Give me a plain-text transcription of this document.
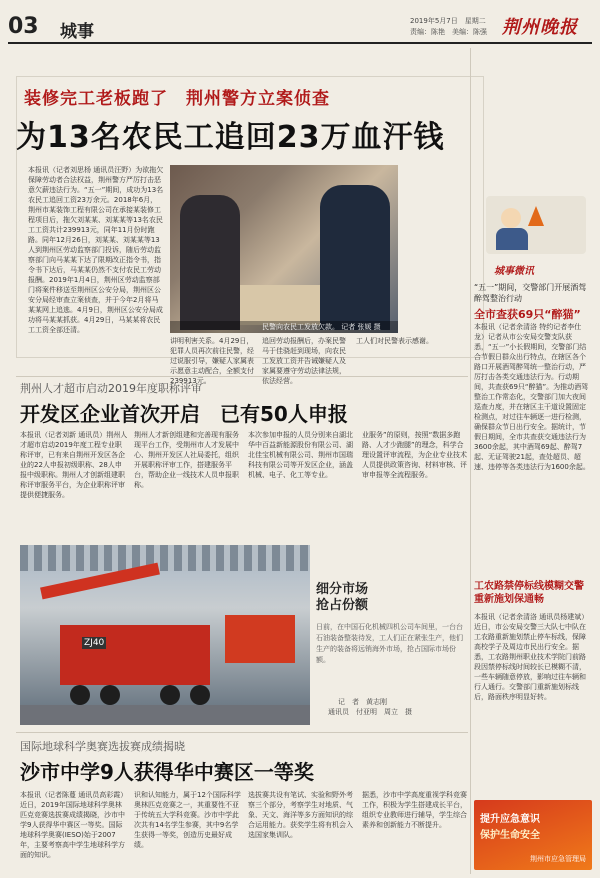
03 城事
2019年5月7日　星期二
责编：陈艳　美编：陈强 荆州晚报
装修完工老板跑了　荆州警方立案侦查
为13名农民工追回23万血汗钱
本报讯（记者刘思杨 通讯员汪野）为欲拖欠保障劳动者合法权益，荆州警方严厉打击恶意欠薪违法行为。“五一”期间，成功为13名农民工追回工资23万余元。2018年6月，荆州市某装饰工程有限公司在承接某装修工程项目后，拖欠刘某某、刘某某等13名农民工工资共计239913元，同年11月份时跑路。同年12月26日，刘某某、刘某某等13人到荆州区劳动监察部门投诉，随后劳动监察部门向马某某下达了限期改正指令书，指令书下达后，马某某仍然不支付农民工劳动报酬。2019年1月4日，荆州区劳动监察部门将案件移送至荆州区公安分局，荆州区公安分局经审查立案侦查，并于今年2月将马某某网上追逃。4月9日，荆州区公安分局成功将马某某抓获。4月29日，马某某将农民工工资全部还清。	民警向农民工发放欠款。 记者 张媛 摄
讲明利害关系。4月29日，犯罪人员再次前往民警，经过说服引导，嫌疑人家属表示愿意主动配合，全额支付239913元。
追回劳动报酬后，办案民警马于佳骁赶到现场，向农民工发放工资并告诫嫌疑人及家属要遵守劳动法律法规，依法经营。
工人们对民警表示感谢。
城事微讯
“五一”期间，交警部门开展酒驾醉驾整治行动
全市查获69只“醉猫”
本报讯（记者余清洛 特约记者李仕龙）记者从市公安局交警支队获悉，“五一”小长假期间，交警部门结合节假日群众出行特点，在辖区各个路口开展酒驾醉驾统一整治行动，严厉打击各类交通违法行为。行动期间，共查获69只“醉猫”。为推动酒驾整治工作常态化，交警部门加大夜间巡查力度，并在辖区主干道设置固定检测点，对过往车辆逐一进行检测，确保群众节日出行安全。据统计，节假日期间，全市共查获交通违法行为3600余起，其中酒驾69起、醉驾7起、无证驾驶21起，查处超员、超速、违停等各类违法行为1600余起。
工农路禁停标线模糊交警重新施划保通畅
本报讯（记者余清洛 通讯员杨建斌）近日，市公安局交警三大队七中队在工农路重新施划禁止停车标线，保障高校学子及周边市民出行安全。据悉，工农路荆州职业技术学院门前路段因禁停标线时间较长已模糊不清，一些车辆随意停放，影响过往车辆和行人通行。交警部门重新施划标线后，路面秩序明显好转。
提升应急意识
保护生命安全
荆州市应急管理局
荆州人才超市启动2019年度职称评审
开发区企业首次开启　已有50人申报
本报讯（记者刘新 通讯员）荆州人才超市启动2019年度工程专业职称评审，已有来自荆州开发区各企业的22人申报初级职称、28人申报中级职称。荆州人才创新组建职称评审服务平台，为企业职称评审提供便捷服务。
荆州人才新创组建和完善现有服务现平台工作，受荆州市人才发展中心、荆州开发区人社局委托，组织开展职称评审工作，搭建服务平台，帮助企业一线技术人员申报职称。
本次参加申报的人员分别来自湖北华中百益新能源股份有限公司、湖北佳宝机械有限公司、荆州市国瑞科技有限公司等开发区企业，涵盖机械、电子、化工等专业。
业服务”的原则，按照“数据多跑路、人才少跑腿”的理念，科学合理设置评审流程，为企业专业技术人员提供政策咨询、材料审核、评审申报等全流程服务。
ZJ40
细分市场
抢占份额
日前，在中国石化机械四机公司车间里，一台台石油装备整装待发，工人们正在紧张生产，他们生产的装备将远销海外市场，抢占国际市场份额。
记　者　黄志刚
通讯员　付亚明　周立　摄
国际地球科学奥赛选拔赛成绩揭晓
沙市中学9人获得华中赛区一等奖
本报讯（记者陈蔓 通讯员高彩霞）近日，2019年国际地球科学奥林匹克竞赛选拔赛成绩揭晓，沙市中学9人获得华中赛区一等奖。国际地球科学奥赛(IESO)始于2007年，主要考察高中学生地球科学方面的知识。
识和认知能力，属于12个国际科学奥林匹克竞赛之一，其重要性不亚于传统五大学科竞赛。沙市中学此次共有14名学生参赛，其中9名学生获得一等奖，创造历史最好成绩。
选拔赛共设有笔试、实验和野外考察三个部分，考察学生对地质、气象、天文、海洋等多方面知识的综合运用能力。获奖学生将有机会入选国家集训队。
据悉，沙市中学高度重视学科竞赛工作，积极为学生搭建成长平台，组织专业教师进行辅导，学生综合素养和创新能力不断提升。
